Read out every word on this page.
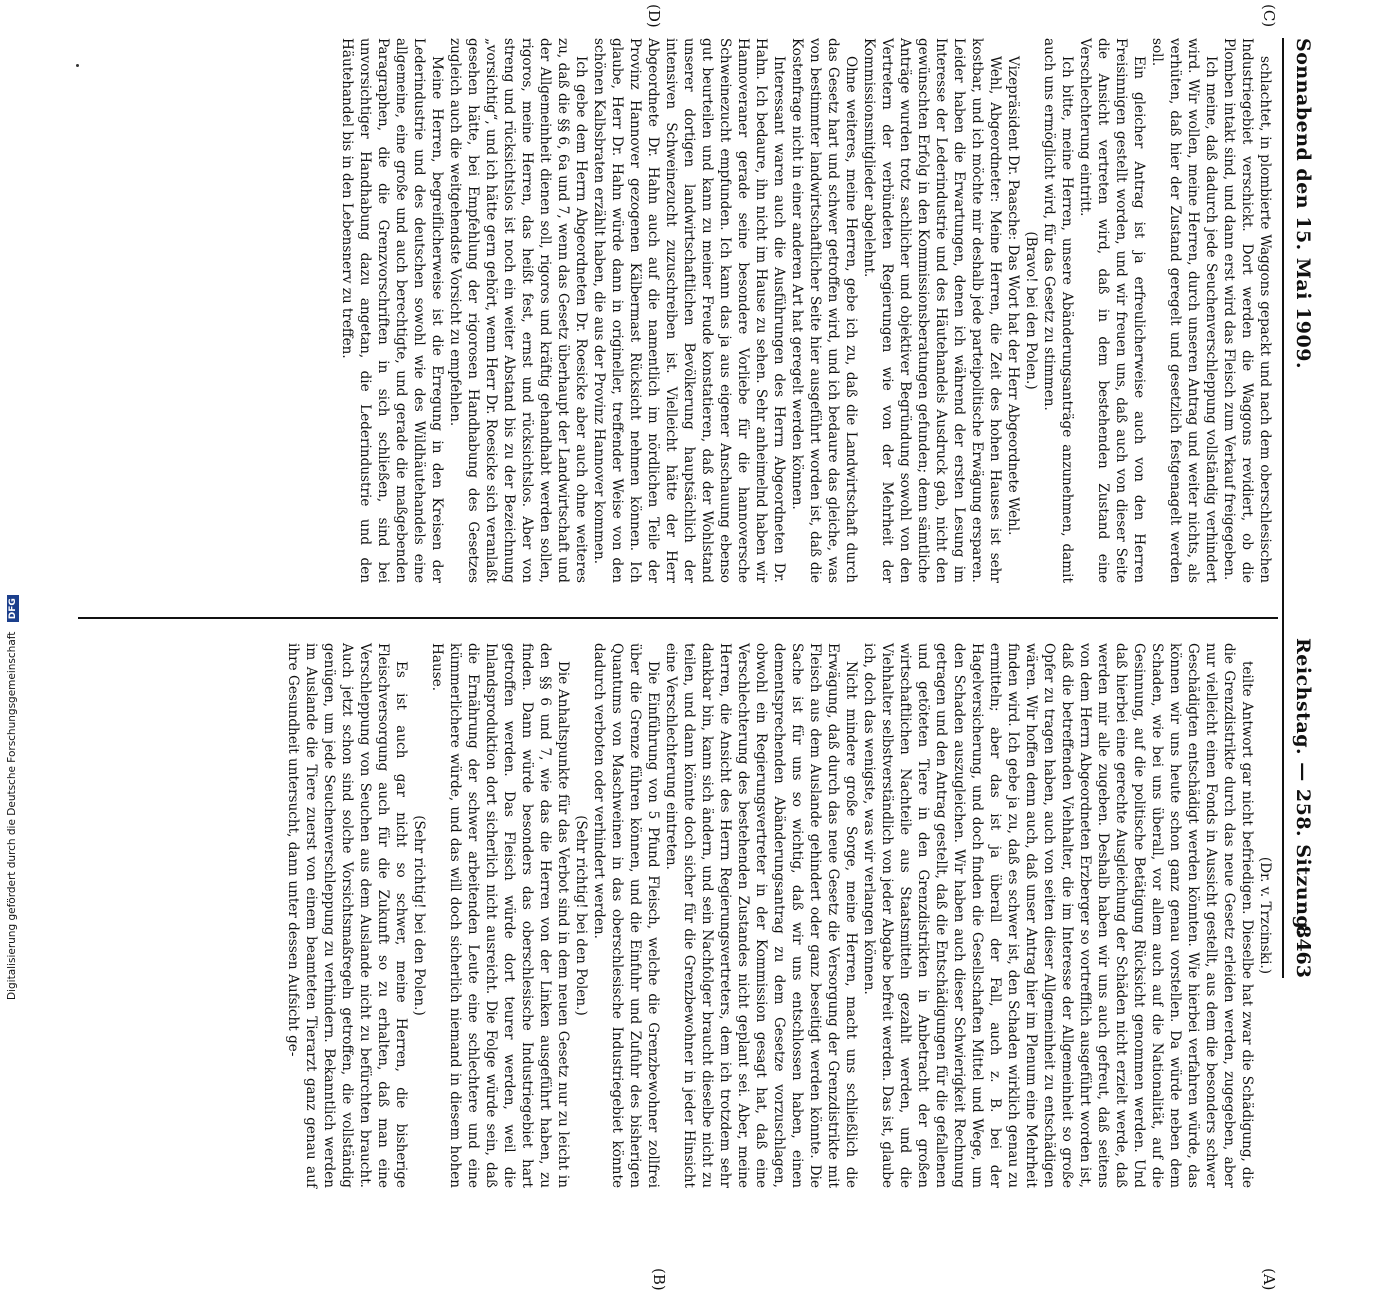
Sonnabend den 15. Mai 1909.
Reichstag. — 258. Sitzung.
8463
(C)
(D)
(A)
(B)

schlachtet, in plombierte Waggons gepackt und nach dem oberschlesischen Industriegebiet verschickt. Dort werden die Waggons revidiert, ob die Plomben intakt sind, und dann erst wird das Fleisch zum Verkauf freigegeben.

Ich meine, daß dadurch jede Seuchenverschleppung vollständig verhindert wird. Wir wollen, meine Herren, durch unseren Antrag und weiter nichts, als verhüten, daß hier der Zustand geregelt und gesetzlich festgenagelt werden soll.

Ein gleicher Antrag ist ja erfreulicherweise auch von den Herren Freisinnigen gestellt worden, und wir freuen uns, daß auch von dieser Seite die Ansicht vertreten wird, daß in dem bestehenden Zustand eine Verschlechterung eintritt.

Ich bitte, meine Herren, unsere Abänderungsanträge anzunehmen, damit auch uns ermöglicht wird, für das Gesetz zu stimmen.

(Bravo! bei den Polen.)

Vizepräsident Dr. Paasche: Das Wort hat der Herr Abgeordnete Wehl.

Wehl, Abgeordneter: Meine Herren, die Zeit des hohen Hauses ist sehr kostbar, und ich möchte mir deshalb jede parteipolitische Erwägung ersparen. Leider haben die Erwartungen, denen ich während der ersten Lesung im Interesse der Lederindustrie und des Häutehandels Ausdruck gab, nicht den gewünschten Erfolg in den Kommissionsberatungen gefunden; denn sämtliche Anträge wurden trotz sachlicher und objektiver Begründung sowohl von den Vertretern der verbündeten Regierungen wie von der Mehrheit der Kommissionsmitglieder abgelehnt.

Ohne weiteres, meine Herren, gebe ich zu, daß die Landwirtschaft durch das Gesetz hart und schwer getroffen wird, und ich bedaure das gleiche, was von bestimmter landwirtschaftlicher Seite hier ausgeführt worden ist, daß die Kostenfrage nicht in einer anderen Art hat geregelt werden können.

Interessant waren auch die Ausführungen des Herrn Abgeordneten Dr. Hahn. Ich bedaure, ihn nicht im Hause zu sehen. Sehr anheimelnd haben wir Hannoveraner gerade seine besondere Vorliebe für die hannoversche Schweinezucht empfunden. Ich kann das ja aus eigener Anschauung ebenso gut beurteilen und kann zu meiner Freude konstatieren, daß der Wohlstand unserer dortigen landwirtschaftlichen Bevölkerung hauptsächlich der intensiven Schweinezucht zuzuschreiben ist. Vielleicht hätte der Herr Abgeordnete Dr. Hahn auch auf die namentlich im nördlichen Teile der Provinz Hannover gezogenen Kälbermast Rücksicht nehmen können. Ich glaube, Herr Dr. Hahn würde dann in origineller, treffender Weise von den schönen Kalbsbraten erzählt haben, die aus der Provinz Hannover kommen.

Ich gebe dem Herrn Abgeordneten Dr. Roesicke aber auch ohne weiteres zu, daß die §§ 6, 6a und 7, wenn das Gesetz überhaupt der Landwirtschaft und der Allgemeinheit dienen soll, rigoros und kräftig gehandhabt werden sollen, rigoros, meine Herren, das heißt fest, ernst und rücksichtslos. Aber von streng und rücksichtslos ist noch ein weiter Abstand bis zu der Bezeichnung „vorsichtig“, und ich hätte gern gehört, wenn Herr Dr. Roesicke sich veranlaßt gesehen hätte, bei Empfehlung der rigorosen Handhabung des Gesetzes zugleich auch die weitgehendste Vorsicht zu empfehlen.

Meine Herren, begreiflicherweise ist die Erregung in den Kreisen der Lederindustrie und des deutschen sowohl wie des Wildhäutehandels eine allgemeine, eine große und auch berechtigte, und gerade die maßgebenden Paragraphen, die die Grenzvorschriften in sich schließen, sind bei unvorsichtiger Handhabung dazu angetan, die Lederindustrie und den Häutehandel bis in den Lebensnerv zu treffen.

(Dr. v. Trzcinski.)

teilte Antwort gar nicht befriedigen. Dieselbe hat zwar die Schädigung, die die Grenzdistrikte durch das neue Gesetz erleiden werden, zugegeben, aber nur vielleicht einen Fonds in Aussicht gestellt, aus dem die besonders schwer Geschädigten entschädigt werden könnten. Wie hierbei verfahren würde, das können wir uns heute schon ganz genau vorstellen. Da würde neben dem Schaden, wie bei uns überall, vor allem auch auf die Nationalität, auf die Gesinnung, auf die politische Betätigung Rücksicht genommen werden. Und daß hierbei eine gerechte Ausgleichung der Schäden nicht erzielt werde, daß werden mir alle zugeben. Deshalb haben wir uns auch gefreut, daß seitens von dem Herrn Abgeordneten Erzberger so vortrefflich ausgeführt worden ist, daß die betreffenden Viehhalter, die im Interesse der Allgemeinheit so große Opfer zu tragen haben, auch von seiten dieser Allgemeinheit zu entschädigen wären. Wir hoffen denn auch, daß unser Antrag hier im Plenum eine Mehrheit finden wird. Ich gebe ja zu, daß es schwer ist, den Schaden wirklich genau zu ermitteln; aber das ist ja überall der Fall, auch z. B. bei der Hagelversicherung, und doch finden die Gesellschaften Mittel und Wege, um den Schaden auszugleichen. Wir haben auch dieser Schwierigkeit Rechnung getragen und den Antrag gestellt, daß die Entschädigungen für die gefallenen und getöteten Tiere in den Grenzdistrikten in Anbetracht der großen wirtschaftlichen Nachteile aus Staatsmitteln gezahlt werden, und die Viehhalter selbstverständlich von jeder Abgabe befreit werden. Das ist, glaube ich, doch das wenigste, was wir verlangen können.

Nicht mindere große Sorge, meine Herren, macht uns schließlich die Erwägung, daß durch das neue Gesetz die Versorgung der Grenzdistrikte mit Fleisch aus dem Auslande gehindert oder ganz beseitigt werden könnte. Die Sache ist für uns so wichtig, daß wir uns entschlossen haben, einen dementsprechenden Abänderungsantrag zu dem Gesetze vorzuschlagen, obwohl ein Regierungsvertreter in der Kommission gesagt hat, daß eine Verschlechterung des bestehenden Zustandes nicht geplant sei. Aber, meine Herren, die Ansicht des Herrn Regierungsvertreters, dem ich trotzdem sehr dankbar bin, kann sich ändern, und sein Nachfolger braucht dieselbe nicht zu teilen, und dann könnte doch sicher für die Grenzbewohner in jeder Hinsicht eine Verschlechterung eintreten.

Die Einführung von 5 Pfund Fleisch, welche die Grenzbewohner zollfrei über die Grenze führen können, und die Einfuhr und Zufuhr des bisherigen Quantums von Maschweinen in das oberschlesische Industriegebiet könnte dadurch verboten oder verhindert werden.

(Sehr richtig! bei den Polen.)

Die Anhaltspunkte für das Verbot sind in dem neuen Gesetz nur zu leicht in den §§ 6 und 7, wie das die Herren von der Linken ausgeführt haben, zu finden. Dann würde besonders das oberschlesische Industriegebiet hart getroffen werden. Das Fleisch würde dort teurer werden, weil die Inlandsproduktion dort sicherlich nicht ausreicht. Die Folge würde sein, daß die Ernährung der schwer arbeitenden Leute eine schlechtere und eine kümmerlichere würde, und das will doch sicherlich niemand in diesem hohen Hause.

(Sehr richtig! bei den Polen.)

Es ist auch gar nicht so schwer, meine Herren, die bisherige Fleischversorgung auch für die Zukunft so zu erhalten, daß man eine Verschleppung von Seuchen aus dem Auslande nicht zu befürchten braucht. Auch jetzt schon sind solche Vorsichtsmaßregeln getroffen, die vollständig genügen, um jede Seuchenverschleppung zu verhindern. Bekanntlich werden im Auslande die Tiere zuerst von einem beamteten Tierarzt ganz genau auf ihre Gesundheit untersucht, dann unter dessen Aufsicht ge-

Digitalisierung gefördert durch die Deutsche Forschungsgemeinschaft DFG
